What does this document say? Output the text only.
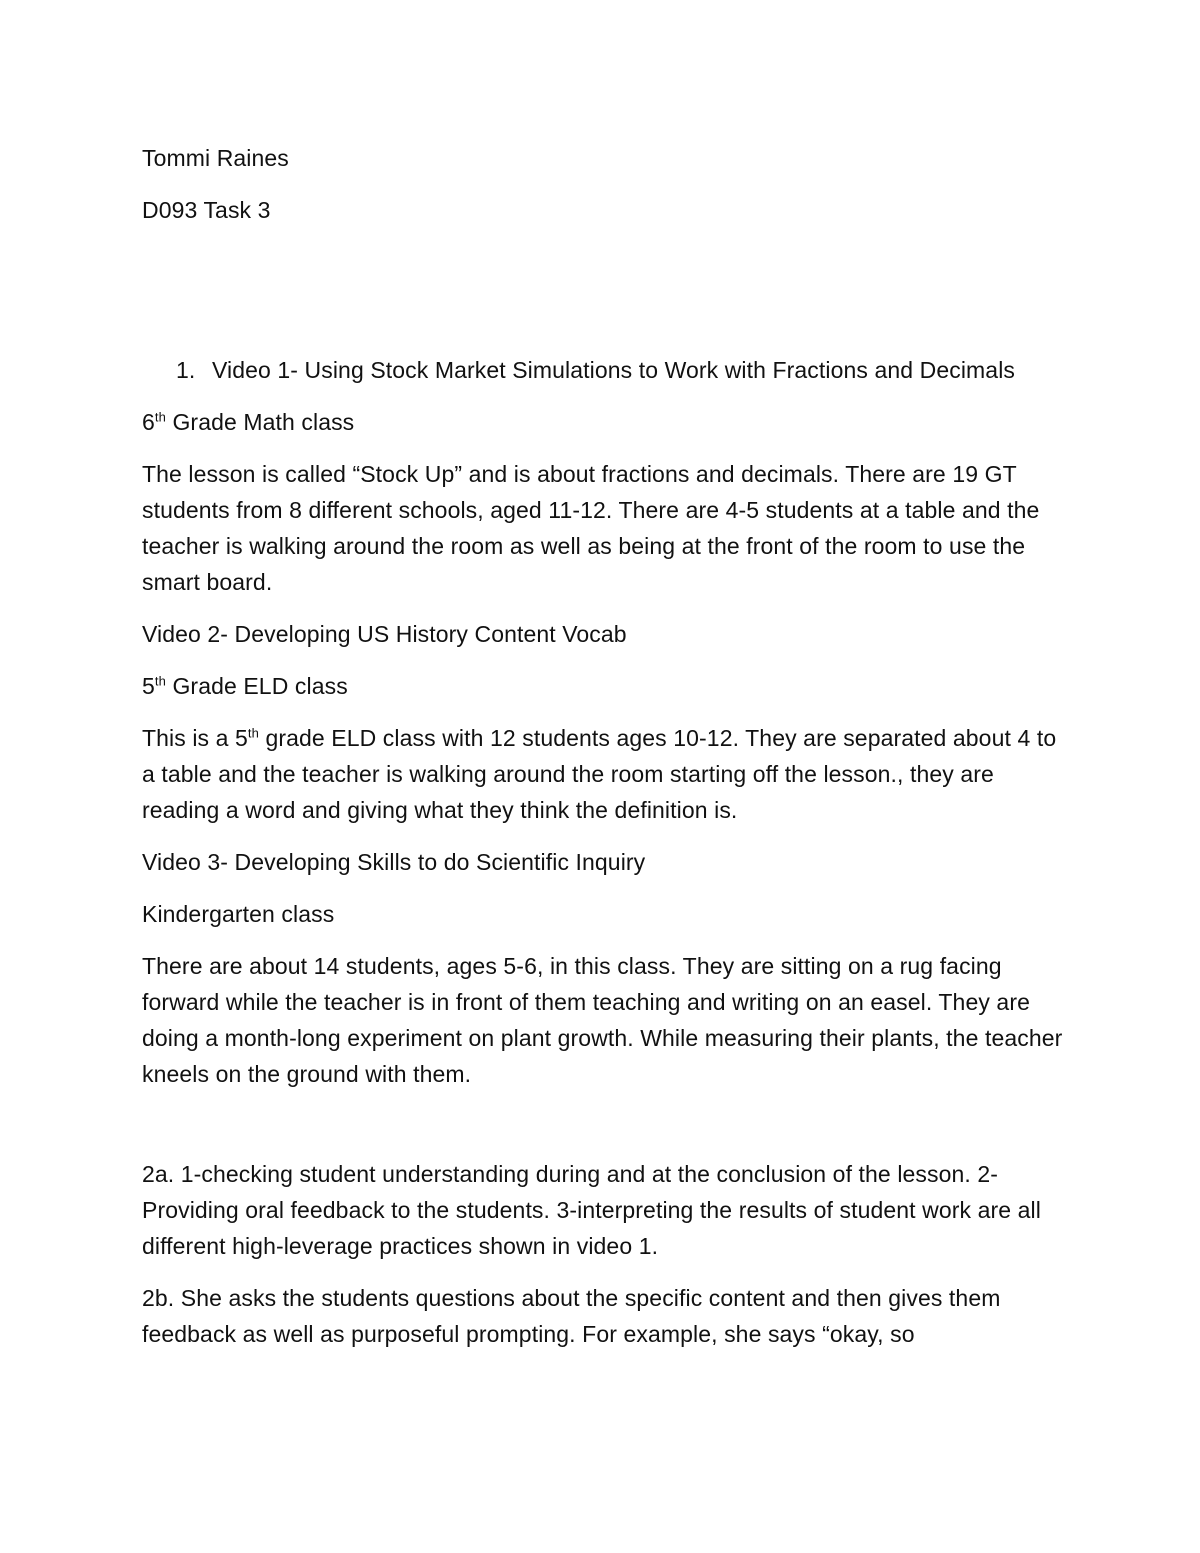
Tommi Raines

D093 Task 3

1. Video 1- Using Stock Market Simulations to Work with Fractions and Decimals

6th Grade Math class

The lesson is called “Stock Up” and is about fractions and decimals. There are 19 GT students from 8 different schools, aged 11-12. There are 4-5 students at a table and the teacher is walking around the room as well as being at the front of the room to use the smart board.

Video 2- Developing US History Content Vocab

5th Grade ELD class

This is a 5th grade ELD class with 12 students ages 10-12. They are separated about 4 to a table and the teacher is walking around the room starting off the lesson., they are reading a word and giving what they think the definition is.

Video 3- Developing Skills to do Scientific Inquiry

Kindergarten class

There are about 14 students, ages 5-6, in this class. They are sitting on a rug facing forward while the teacher is in front of them teaching and writing on an easel. They are doing a month-long experiment on plant growth. While measuring their plants, the teacher kneels on the ground with them.

2a. 1-checking student understanding during and at the conclusion of the lesson. 2-Providing oral feedback to the students. 3-interpreting the results of student work are all different high-leverage practices shown in video 1.

2b. She asks the students questions about the specific content and then gives them feedback as well as purposeful prompting. For example, she says “okay, so
